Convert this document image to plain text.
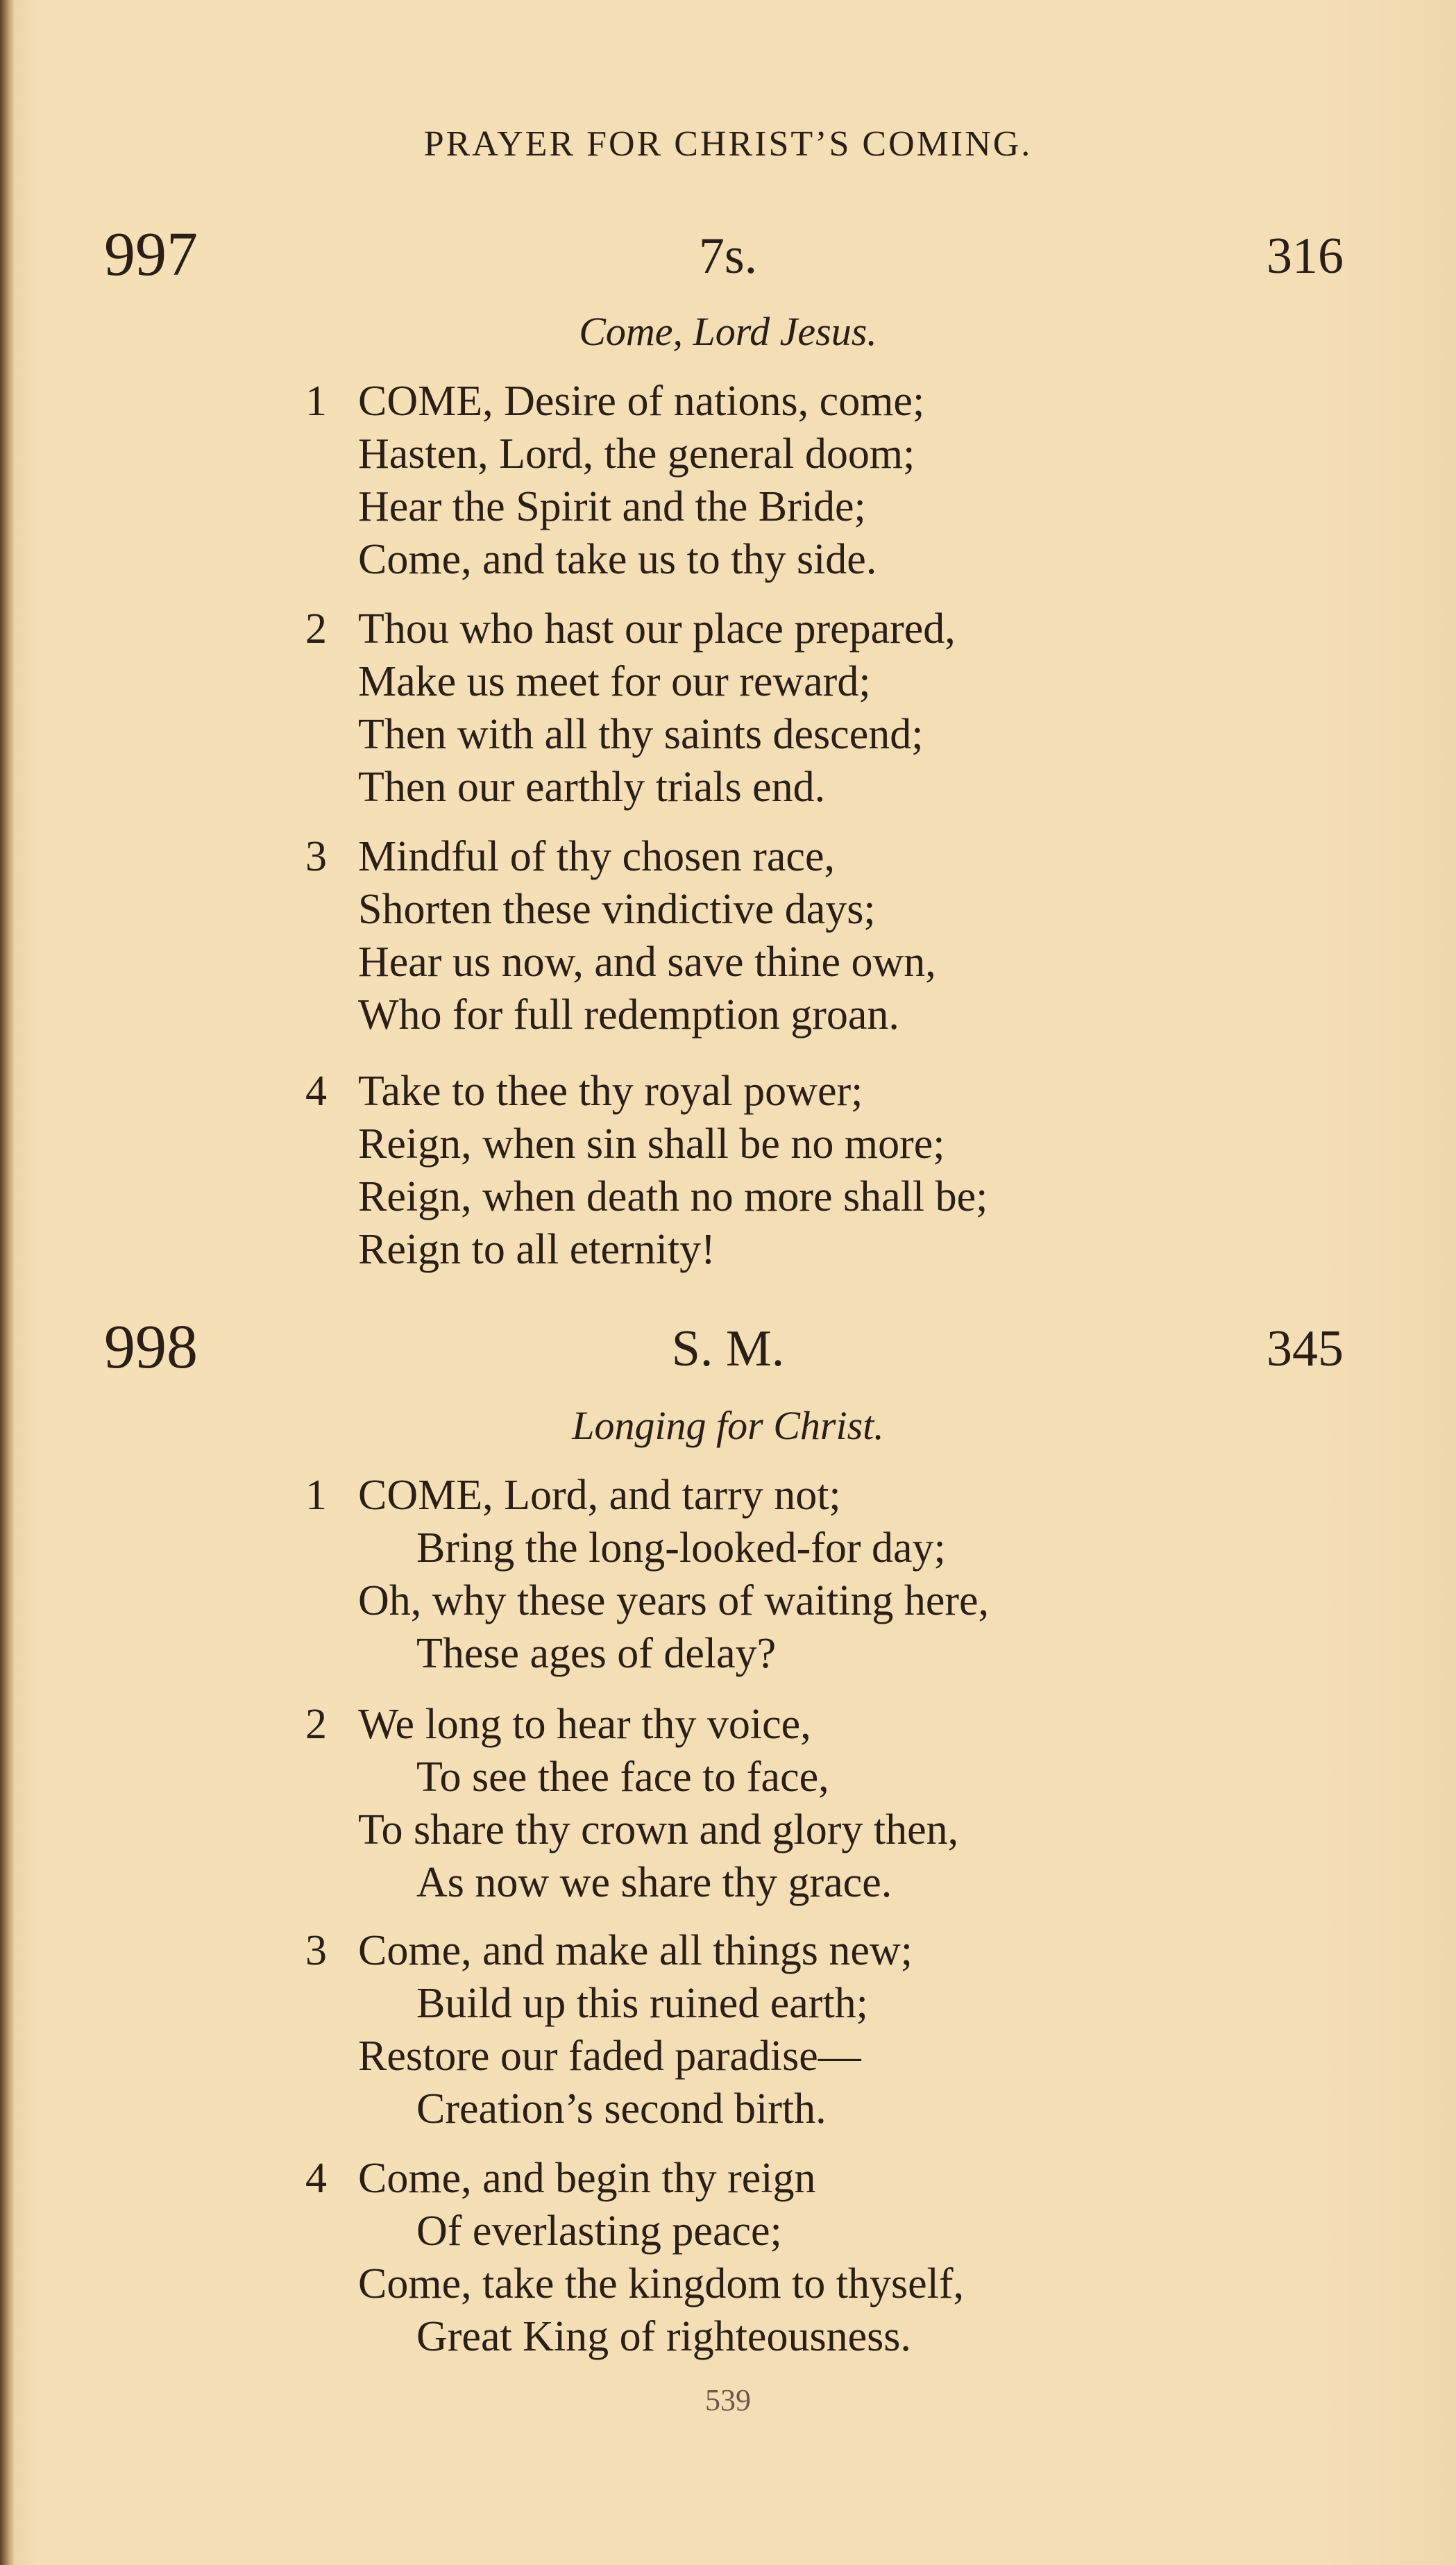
PRAYER FOR CHRIST’S COMING.
997	7s.	316
Come, Lord Jesus.
1 COME, Desire of nations, come;
Hasten, Lord, the general doom;
Hear the Spirit and the Bride;
Come, and take us to thy side.
2 Thou who hast our place prepared,
Make us meet for our reward;
Then with all thy saints descend;
Then our earthly trials end.
3 Mindful of thy chosen race,
Shorten these vindictive days;
Hear us now, and save thine own,
Who for full redemption groan.
4 Take to thee thy royal power;
Reign, when sin shall be no more;
Reign, when death no more shall be;
Reign to all eternity!
998	S. M.	345
Longing for Christ.
1 COME, Lord, and tarry not;
Bring the long-looked-for day;
Oh, why these years of waiting here,
These ages of delay?
2 We long to hear thy voice,
To see thee face to face,
To share thy crown and glory then,
As now we share thy grace.
3 Come, and make all things new;
Build up this ruined earth;
Restore our faded paradise—
Creation’s second birth.
4 Come, and begin thy reign
Of everlasting peace;
Come, take the kingdom to thyself,
Great King of righteousness.
539
